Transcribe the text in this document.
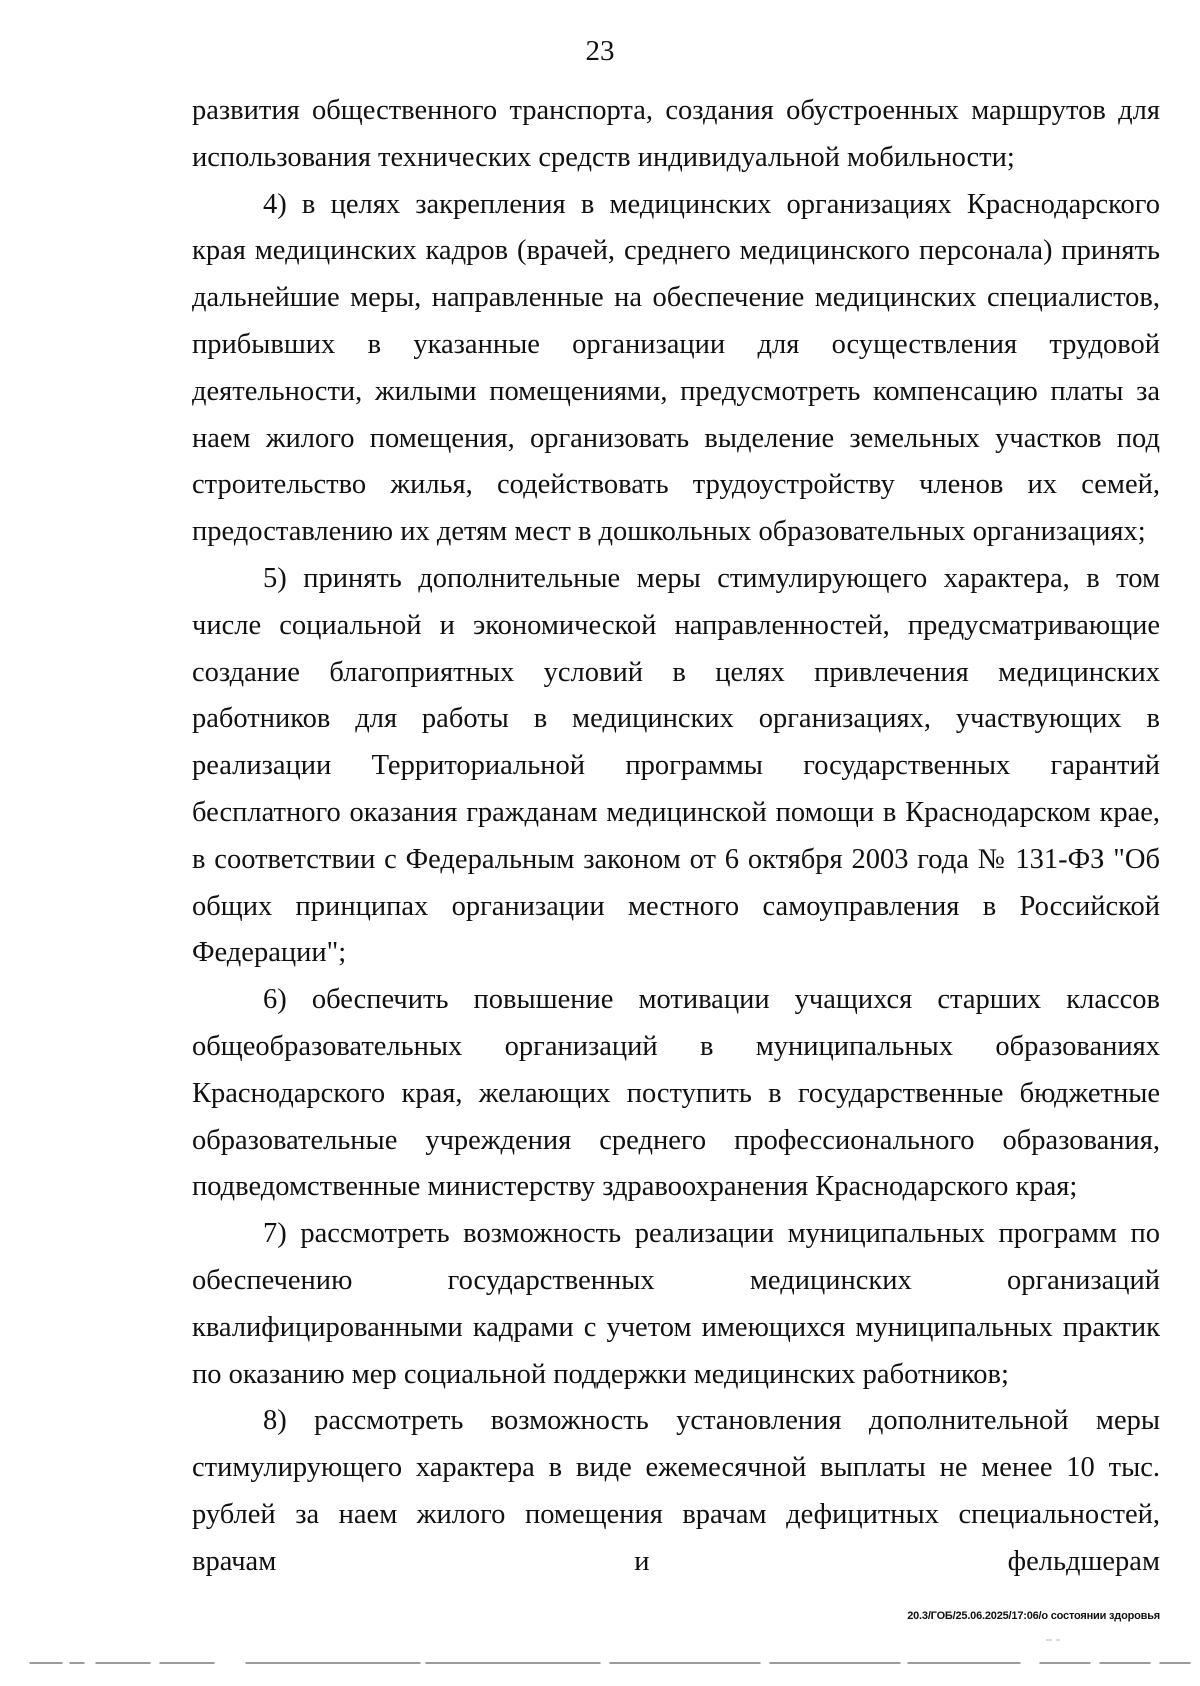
23

развития общественного транспорта, создания обустроенных маршрутов для использования технических средств индивидуальной мобильности;

4) в целях закрепления в медицинских организациях Краснодарского края медицинских кадров (врачей, среднего медицинского персонала) принять дальнейшие меры, направленные на обеспечение медицинских специалистов, прибывших в указанные организации для осуществления трудовой деятельности, жилыми помещениями, предусмотреть компенсацию платы за наем жилого помещения, организовать выделение земельных участков под строительство жилья, содействовать трудоустройству членов их семей, предоставлению их детям мест в дошкольных образовательных организациях;

5) принять дополнительные меры стимулирующего характера, в том числе социальной и экономической направленностей, предусматривающие создание благоприятных условий в целях привлечения медицинских работников для работы в медицинских организациях, участвующих в реализации Территориальной программы государственных гарантий бесплатного оказания гражданам медицинской помощи в Краснодарском крае, в соответствии с Федеральным законом от 6 октября 2003 года № 131-ФЗ "Об общих принципах организации местного самоуправления в Российской Федерации";

6) обеспечить повышение мотивации учащихся старших классов общеобразовательных организаций в муниципальных образованиях Краснодарского края, желающих поступить в государственные бюджетные образовательные учреждения среднего профессионального образования, подведомственные министерству здравоохранения Краснодарского края;

7) рассмотреть возможность реализации муниципальных программ по обеспечению государственных медицинских организаций квалифицированными кадрами с учетом имеющихся муниципальных практик по оказанию мер социальной поддержки медицинских работников;

8) рассмотреть возможность установления дополнительной меры стимулирующего характера в виде ежемесячной выплаты не менее 10 тыс. рублей за наем жилого помещения врачам дефицитных специальностей, врачам и фельдшерам

20.3/ГОБ/25.06.2025/17:06/о состоянии здоровья
